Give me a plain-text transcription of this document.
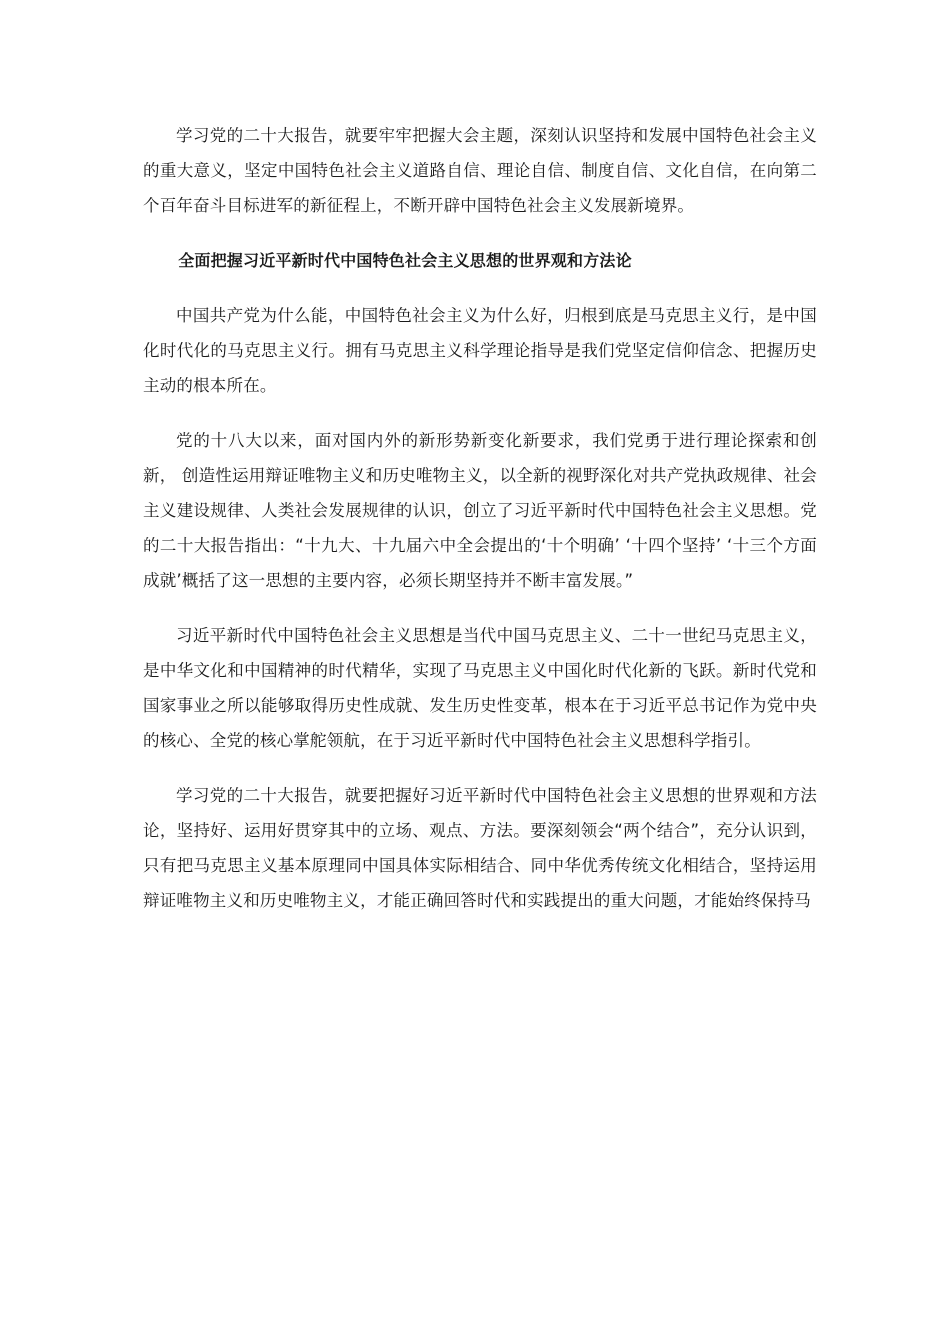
学习党的二十大报告，就要牢牢把握大会主题，深刻认识坚持和发展中国特色社会主义的重大意义，坚定中国特色社会主义道路自信、理论自信、制度自信、文化自信，在向第二个百年奋斗目标进军的新征程上，不断开辟中国特色社会主义发展新境界。

全面把握习近平新时代中国特色社会主义思想的世界观和方法论

中国共产党为什么能，中国特色社会主义为什么好，归根到底是马克思主义行，是中国化时代化的马克思主义行。拥有马克思主义科学理论指导是我们党坚定信仰信念、把握历史主动的根本所在。

党的十八大以来，面对国内外的新形势新变化新要求，我们党勇于进行理论探索和创新， 创造性运用辩证唯物主义和历史唯物主义，以全新的视野深化对共产党执政规律、社会主义建设规律、人类社会发展规律的认识，创立了习近平新时代中国特色社会主义思想。党的二十大报告指出：“十九大、十九届六中全会提出的‘十个明确’ ‘十四个坚持’ ‘十三个方面成就’概括了这一思想的主要内容，必须长期坚持并不断丰富发展。”

习近平新时代中国特色社会主义思想是当代中国马克思主义、二十一世纪马克思主义，是中华文化和中国精神的时代精华，实现了马克思主义中国化时代化新的飞跃。新时代党和 国家事业之所以能够取得历史性成就、发生历史性变革，根本在于习近平总书记作为党中央 的核心、全党的核心掌舵领航，在于习近平新时代中国特色社会主义思想科学指引。

学习党的二十大报告，就要把握好习近平新时代中国特色社会主义思想的世界观和方法论，坚持好、运用好贯穿其中的立场、观点、方法。要深刻领会“两个结合”，充分认识到， 只有把马克思主义基本原理同中国具体实际相结合、同中华优秀传统文化相结合，坚持运用辩证唯物主义和历史唯物主义，才能正确回答时代和实践提出的重大问题，才能始终保持马
